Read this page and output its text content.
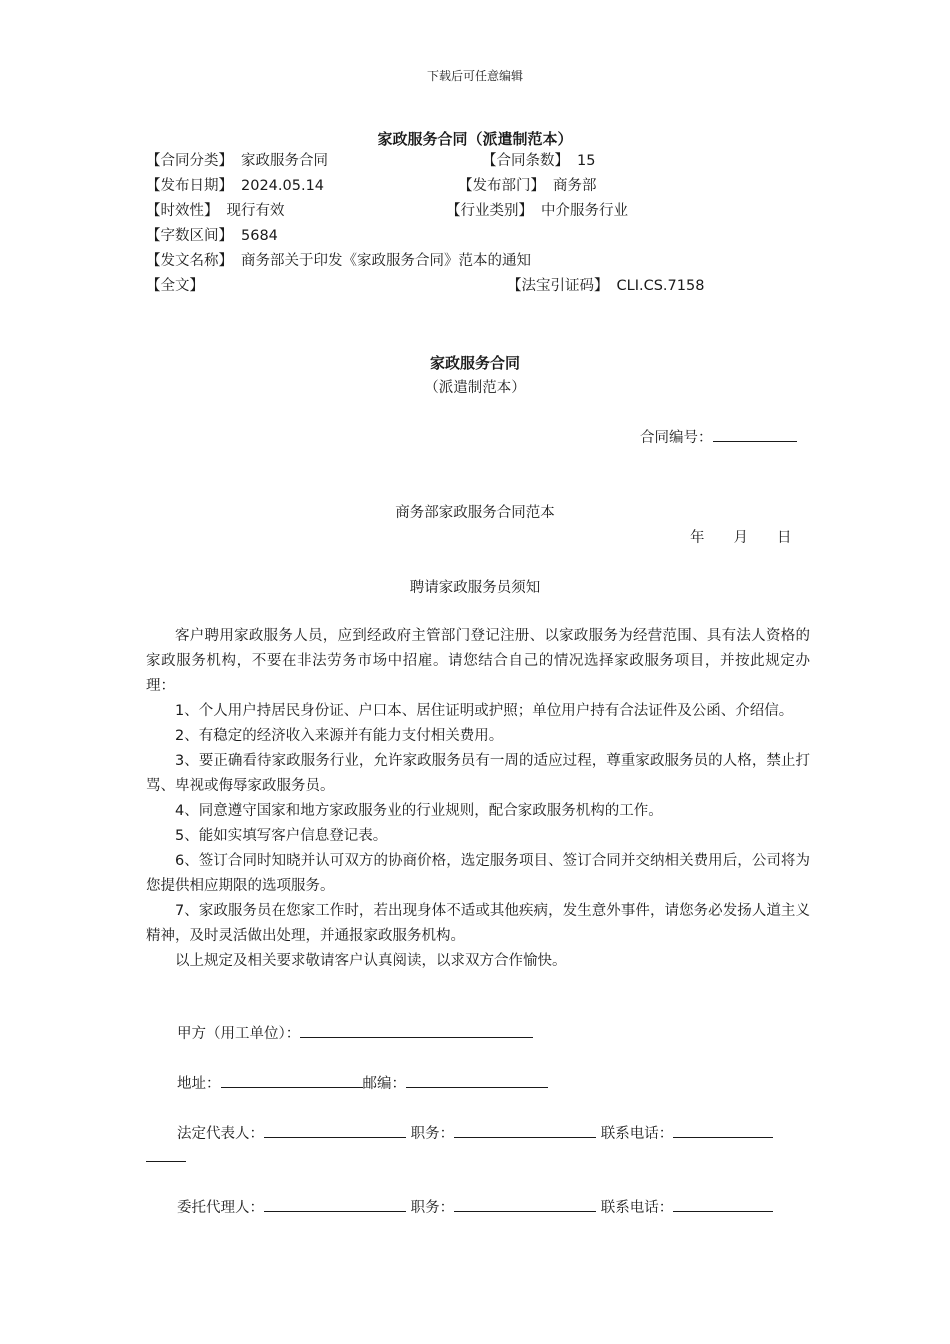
下载后可任意编辑
家政服务合同（派遣制范本）
【合同分类】 家政服务合同	【合同条数】 15
【发布日期】 2024.05.14	【发布部门】 商务部
【时效性】 现行有效	【行业类别】 中介服务行业
【字数区间】 5684
【发文名称】 商务部关于印发《家政服务合同》范本的通知
【全文】	【法宝引证码】 CLI.CS.7158
家政服务合同
（派遣制范本）
合同编号：
商务部家政服务合同范本
年　　月　　日
聘请家政服务员须知

客户聘用家政服务人员，应到经政府主管部门登记注册、以家政服务为经营范围、具有法人资格的家政服务机构，不要在非法劳务市场中招雇。请您结合自己的情况选择家政服务项目，并按此规定办理：

1、个人用户持居民身份证、户口本、居住证明或护照；单位用户持有合法证件及公函、介绍信。

2、有稳定的经济收入来源并有能力支付相关费用。

3、要正确看待家政服务行业，允许家政服务员有一周的适应过程，尊重家政服务员的人格，禁止打骂、卑视或侮辱家政服务员。

4、同意遵守国家和地方家政服务业的行业规则，配合家政服务机构的工作。

5、能如实填写客户信息登记表。

6、签订合同时知晓并认可双方的协商价格，选定服务项目、签订合同并交纳相关费用后，公司将为您提供相应期限的选项服务。

7、家政服务员在您家工作时，若出现身体不适或其他疾病，发生意外事件，请您务必发扬人道主义精神，及时灵活做出处理，并通报家政服务机构。

以上规定及相关要求敬请客户认真阅读，以求双方合作愉快。

甲方（用工单位）：
地址：	邮编：
法定代表人：	职务：	联系电话：
委托代理人：	职务：	联系电话：
